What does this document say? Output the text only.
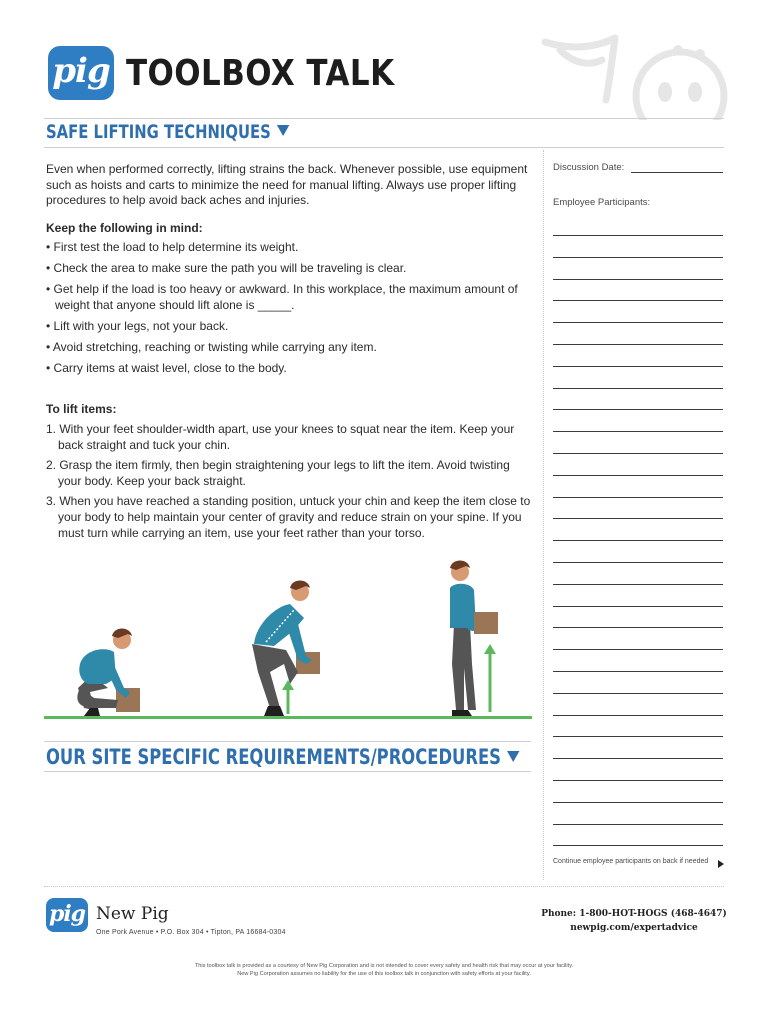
pig TOOLBOX TALK
SAFE LIFTING TECHNIQUES

Even when performed correctly, lifting strains the back. Whenever possible, use equipment such as hoists and carts to minimize the need for manual lifting. Always use proper lifting procedures to help avoid back aches and injuries.

Keep the following in mind:

• First test the load to help determine its weight.
• Check the area to make sure the path you will be traveling is clear.
• Get help if the load is too heavy or awkward. In this workplace, the maximum amount of weight that anyone should lift alone is _____.
• Lift with your legs, not your back.
• Avoid stretching, reaching or twisting while carrying any item.
• Carry items at waist level, close to the body.

To lift items:

1. With your feet shoulder-width apart, use your knees to squat near the item. Keep your back straight and tuck your chin.
2. Grasp the item firmly, then begin straightening your legs to lift the item. Avoid twisting your body. Keep your back straight.
3. When you have reached a standing position, untuck your chin and keep the item close to your body to help maintain your center of gravity and reduce strain on your spine. If you must turn while carrying an item, use your feet rather than your torso.
OUR SITE SPECIFIC REQUIREMENTS/PROCEDURES
Discussion Date:
Employee Participants:
Continue employee participants on back if needed
pig New Pig
One Pork Avenue • P.O. Box 304 • Tipton, PA 16684-0304
Phone: 1-800-HOT-HOGS (468-4647)
newpig.com/expertadvice
This toolbox talk is provided as a courtesy of New Pig Corporation and is not intended to cover every safety and health risk that may occur at your facility.
New Pig Corporation assumes no liability for the use of this toolbox talk in conjunction with safety efforts at your facility.
